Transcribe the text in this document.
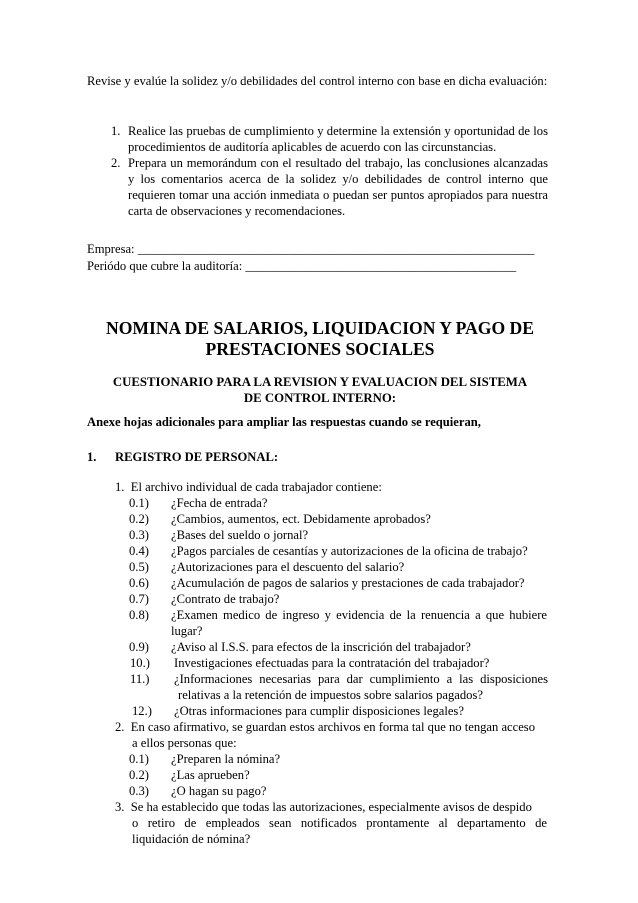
Revise y evalúe la solidez y/o debilidades del control interno con base en dicha evaluación:
1. Realice las pruebas de cumplimiento y determine la extensión y oportunidad de los procedimientos de auditoría aplicables de acuerdo con las circunstancias.
2. Prepara un memorándum con el resultado del trabajo, las conclusiones alcanzadas y los comentarios acerca de la solidez y/o debilidades de control interno que requieren tomar una acción inmediata o puedan ser puntos apropiados para nuestra carta de observaciones y recomendaciones.
Empresa: _______________________________________________________________
Periódo que cubre la auditoría: ___________________________________________
NOMINA DE SALARIOS, LIQUIDACION Y PAGO DE
PRESTACIONES SOCIALES
CUESTIONARIO PARA LA REVISION Y EVALUACION DEL SISTEMA
DE CONTROL INTERNO:
Anexe hojas adicionales para ampliar las respuestas cuando se requieran,
1. REGISTRO DE PERSONAL:
1. El archivo individual de cada trabajador contiene:
0.1) ¿Fecha de entrada?
0.2) ¿Cambios, aumentos, ect. Debidamente aprobados?
0.3) ¿Bases del sueldo o jornal?
0.4) ¿Pagos parciales de cesantías y autorizaciones de la oficina de trabajo?
0.5) ¿Autorizaciones para el descuento del salario?
0.6) ¿Acumulación de pagos de salarios y prestaciones de cada trabajador?
0.7) ¿Contrato de trabajo?
0.8) ¿Examen medico de ingreso y evidencia de la renuencia a que hubiere
lugar?
0.9) ¿Aviso al I.S.S. para efectos de la inscrición del trabajador?
10.) Investigaciones efectuadas para la contratación del trabajador?
11.) ¿Informaciones necesarias para dar cumplimiento a las disposiciones
relativas a la retención de impuestos sobre salarios pagados?
12.) ¿Otras informaciones para cumplir disposiciones legales?
2. En caso afirmativo, se guardan estos archivos en forma tal que no tengan acceso
a ellos personas que:
0.1) ¿Preparen la nómina?
0.2) ¿Las aprueben?
0.3) ¿O hagan su pago?
3. Se ha establecido que todas las autorizaciones, especialmente avisos de despido
o retiro de empleados sean notificados prontamente al departamento de
liquidación de nómina?
